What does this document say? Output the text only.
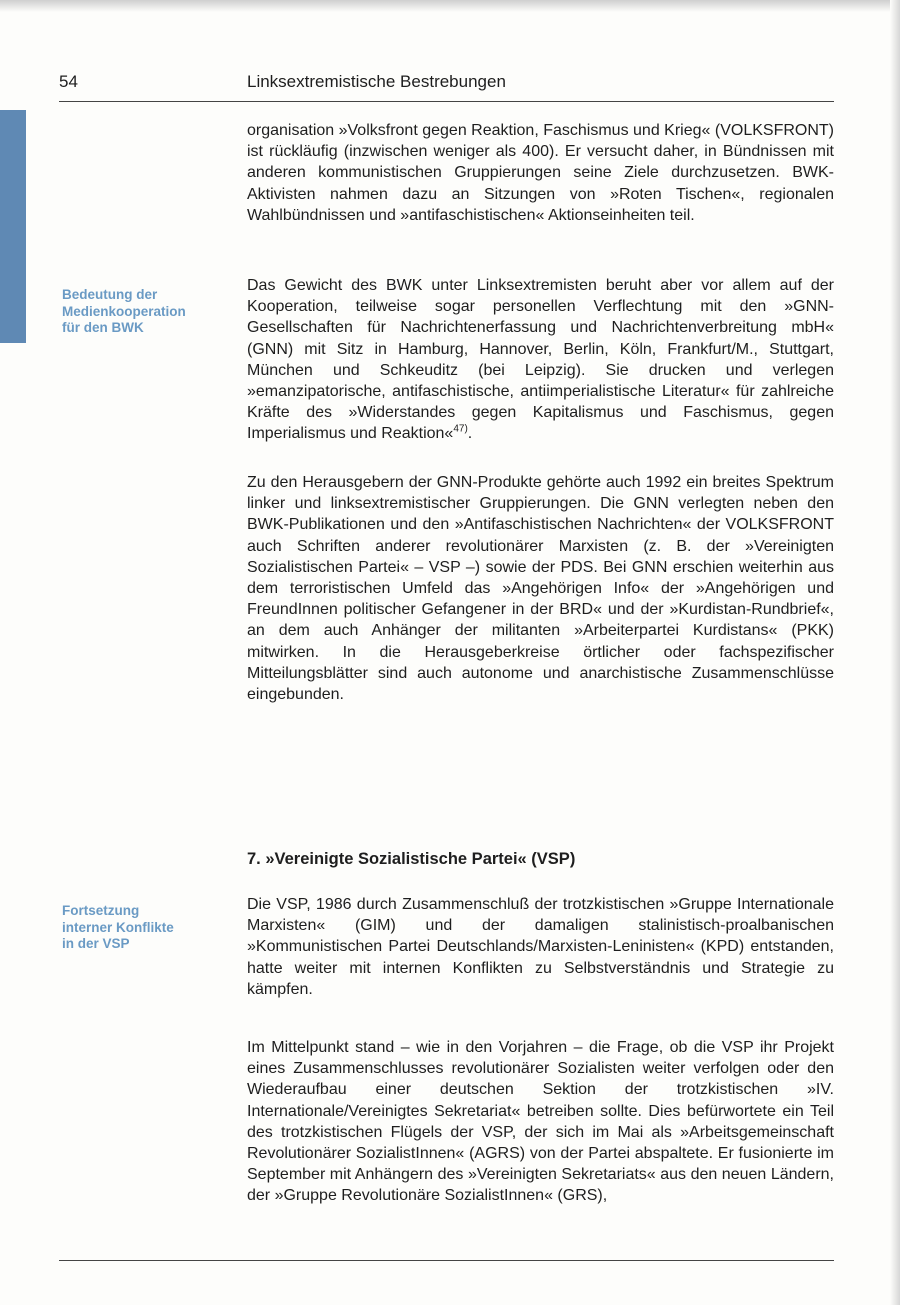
54	Linksextremistische Bestrebungen
Bedeutung der
Medienkooperation
für den BWK
Fortsetzung
interner Konflikte
in der VSP

organisation »Volksfront gegen Reaktion, Faschismus und Krieg« (VOLKSFRONT) ist rückläufig (inzwischen weniger als 400). Er versucht daher, in Bündnissen mit anderen kommunistischen Gruppierungen seine Ziele durchzusetzen. BWK-Aktivisten nahmen dazu an Sitzungen von »Roten Tischen«, regionalen Wahlbündnissen und »antifaschistischen« Aktionseinheiten teil.

Das Gewicht des BWK unter Linksextremisten beruht aber vor allem auf der Kooperation, teilweise sogar personellen Verflechtung mit den »GNN-Gesellschaften für Nachrichtenerfassung und Nachrichtenverbreitung mbH« (GNN) mit Sitz in Hamburg, Hannover, Berlin, Köln, Frankfurt/M., Stuttgart, München und Schkeuditz (bei Leipzig). Sie drucken und verlegen »emanzipatorische, antifaschistische, antiimperialistische Literatur« für zahlreiche Kräfte des »Widerstandes gegen Kapitalismus und Faschismus, gegen Imperialismus und Reaktion«$^{47)}$.

Zu den Herausgebern der GNN-Produkte gehörte auch 1992 ein breites Spektrum linker und linksextremistischer Gruppierungen. Die GNN verlegten neben den BWK-Publikationen und den »Antifaschistischen Nachrichten« der VOLKSFRONT auch Schriften anderer revolutionärer Marxisten (z. B. der »Vereinigten Sozialistischen Partei« – VSP –) sowie der PDS. Bei GNN erschien weiterhin aus dem terroristischen Umfeld das »Angehörigen Info« der »Angehörigen und FreundInnen politischer Gefangener in der BRD« und der »Kurdistan-Rundbrief«, an dem auch Anhänger der militanten »Arbeiterpartei Kurdistans« (PKK) mitwirken. In die Herausgeberkreise örtlicher oder fachspezifischer Mitteilungsblätter sind auch autonome und anarchistische Zusammenschlüsse eingebunden.

7. »Vereinigte Sozialistische Partei« (VSP)

Die VSP, 1986 durch Zusammenschluß der trotzkistischen »Gruppe Internationale Marxisten« (GIM) und der damaligen stalinistisch-proalbanischen »Kommunistischen Partei Deutschlands/Marxisten-Leninisten« (KPD) entstanden, hatte weiter mit internen Konflikten zu Selbstverständnis und Strategie zu kämpfen.

Im Mittelpunkt stand – wie in den Vorjahren – die Frage, ob die VSP ihr Projekt eines Zusammenschlusses revolutionärer Sozialisten weiter verfolgen oder den Wiederaufbau einer deutschen Sektion der trotzkistischen »IV. Internationale/Vereinigtes Sekretariat« betreiben sollte. Dies befürwortete ein Teil des trotzkistischen Flügels der VSP, der sich im Mai als »Arbeitsgemeinschaft Revolutionärer SozialistInnen« (AGRS) von der Partei abspaltete. Er fusionierte im September mit Anhängern des »Vereinigten Sekretariats« aus den neuen Ländern, der »Gruppe Revolutionäre SozialistInnen« (GRS),
